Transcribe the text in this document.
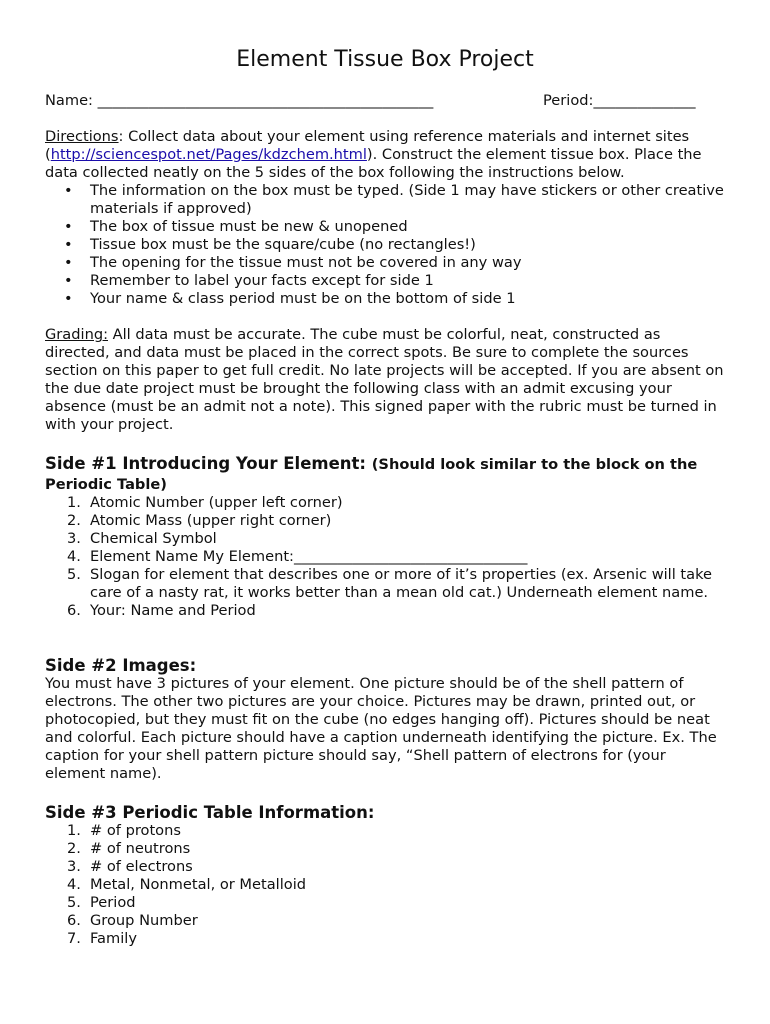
Element Tissue Box Project
Name: ______________________________________________	Period:______________

Directions: Collect data about your element using reference materials and internet sites (http://sciencespot.net/Pages/kdzchem.html). Construct the element tissue box. Place the data collected neatly on the 5 sides of the box following the instructions below.

• The information on the box must be typed. (Side 1 may have stickers or other creative materials if approved)
• The box of tissue must be new & unopened
• Tissue box must be the square/cube (no rectangles!)
• The opening for the tissue must not be covered in any way
• Remember to label your facts except for side 1
• Your name & class period must be on the bottom of side 1

Grading: All data must be accurate. The cube must be colorful, neat, constructed as directed, and data must be placed in the correct spots. Be sure to complete the sources section on this paper to get full credit. No late projects will be accepted. If you are absent on the due date project must be brought the following class with an admit excusing your absence (must be an admit not a note). This signed paper with the rubric must be turned in with your project.

Side #1 Introducing Your Element: (Should look similar to the block on the Periodic Table)
1. Atomic Number (upper left corner)
2. Atomic Mass (upper right corner)
3. Chemical Symbol
4. Element Name My Element:________________________________
5. Slogan for element that describes one or more of it’s properties (ex. Arsenic will take care of a nasty rat, it works better than a mean old cat.) Underneath element name.
6. Your: Name and Period
Side #2 Images:

You must have 3 pictures of your element. One picture should be of the shell pattern of electrons. The other two pictures are your choice. Pictures may be drawn, printed out, or photocopied, but they must fit on the cube (no edges hanging off). Pictures should be neat and colorful. Each picture should have a caption underneath identifying the picture. Ex. The caption for your shell pattern picture should say, “Shell pattern of electrons for (your element name).

Side #3 Periodic Table Information:
1. # of protons
2. # of neutrons
3. # of electrons
4. Metal, Nonmetal, or Metalloid
5. Period
6. Group Number
7. Family
